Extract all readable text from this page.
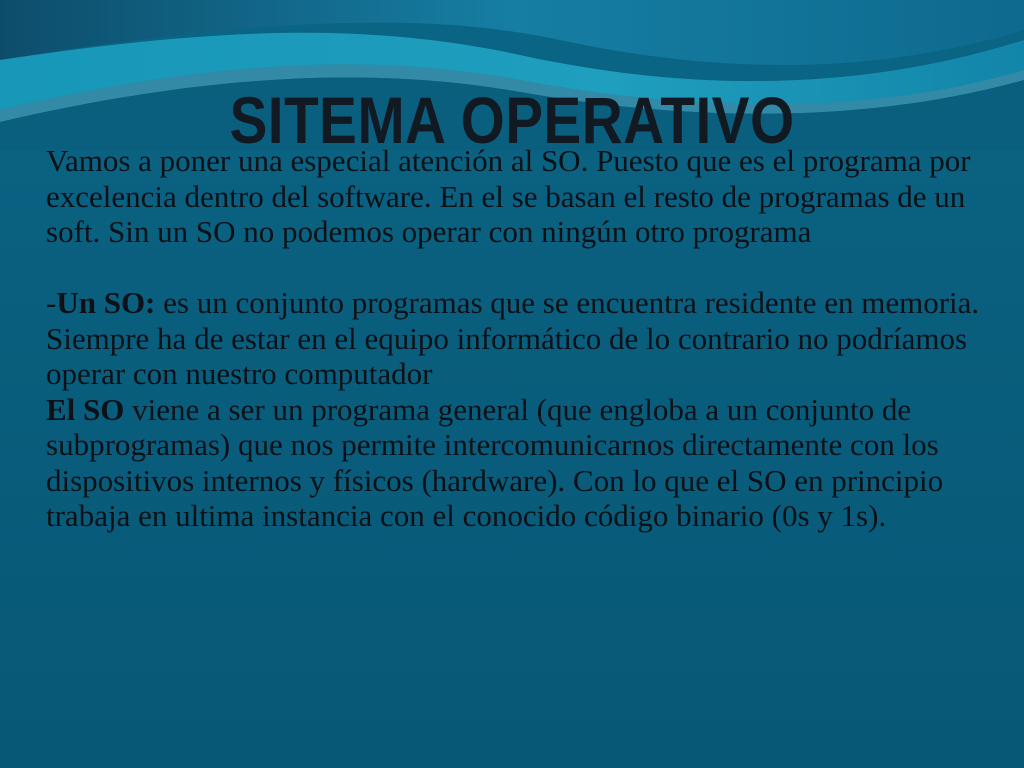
SITEMA OPERATIVO

Vamos a poner una especial atención al SO. Puesto que es el programa por excelencia dentro del software. En el se basan el resto de programas de un soft. Sin un SO no podemos operar con ningún otro programa

-Un SO: es un conjunto programas que se encuentra residente en memoria. Siempre ha de estar en el equipo informático de lo contrario no podríamos operar con nuestro computador

El SO viene a ser un programa general (que engloba a un conjunto de subprogramas) que nos permite intercomunicarnos directamente con los dispositivos internos y físicos (hardware). Con lo que el SO en principio trabaja en ultima instancia con el conocido código binario (0s y 1s).
